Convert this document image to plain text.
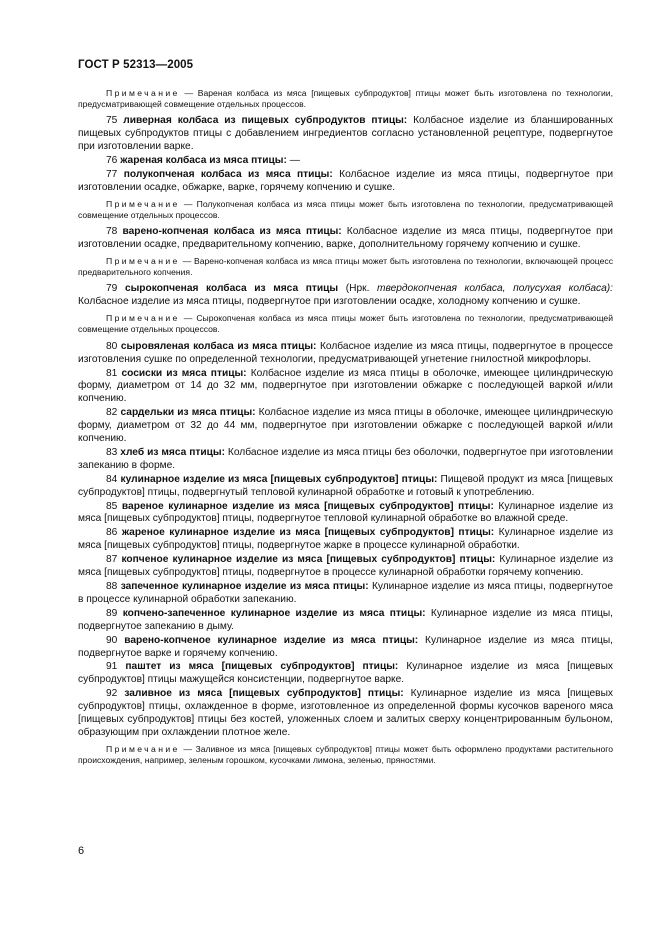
ГОСТ Р 52313—2005

Примечание — Вареная колбаса из мяса [пищевых субпродуктов] птицы может быть изготовлена по технологии, предусматривающей совмещение отдельных процессов.

75 ливерная колбаса из пищевых субпродуктов птицы: Колбасное изделие из бланшированных пищевых субпродуктов птицы с добавлением ингредиентов согласно установленной рецептуре, подвергнутое при изготовлении варке.

76 жареная колбаса из мяса птицы: —

77 полукопченая колбаса из мяса птицы: Колбасное изделие из мяса птицы, подвергнутое при изготовлении осадке, обжарке, варке, горячему копчению и сушке.

Примечание — Полукопченая колбаса из мяса птицы может быть изготовлена по технологии, предусматривающей совмещение отдельных процессов.

78 варено-копченая колбаса из мяса птицы: Колбасное изделие из мяса птицы, подвергнутое при изготовлении осадке, предварительному копчению, варке, дополнительному горячему копчению и сушке.

Примечание — Варено-копченая колбаса из мяса птицы может быть изготовлена по технологии, включающей процесс предварительного копчения.

79 сырокопченая колбаса из мяса птицы (Нрк. твердокопченая колбаса, полусухая колбаса): Колбасное изделие из мяса птицы, подвергнутое при изготовлении осадке, холодному копчению и сушке.

Примечание — Сырокопченая колбаса из мяса птицы может быть изготовлена по технологии, предусматривающей совмещение отдельных процессов.

80 сыровяленая колбаса из мяса птицы: Колбасное изделие из мяса птицы, подвергнутое в процессе изготовления сушке по определенной технологии, предусматривающей угнетение гнилостной микрофлоры.

81 сосиски из мяса птицы: Колбасное изделие из мяса птицы в оболочке, имеющее цилиндрическую форму, диаметром от 14 до 32 мм, подвергнутое при изготовлении обжарке с последующей варкой и/или копчению.

82 сардельки из мяса птицы: Колбасное изделие из мяса птицы в оболочке, имеющее цилиндрическую форму, диаметром от 32 до 44 мм, подвергнутое при изготовлении обжарке с последующей варкой и/или копчению.

83 хлеб из мяса птицы: Колбасное изделие из мяса птицы без оболочки, подвергнутое при изготовлении запеканию в форме.

84 кулинарное изделие из мяса [пищевых субпродуктов] птицы: Пищевой продукт из мяса [пищевых субпродуктов] птицы, подвергнутый тепловой кулинарной обработке и готовый к употреблению.

85 вареное кулинарное изделие из мяса [пищевых субпродуктов] птицы: Кулинарное изделие из мяса [пищевых субпродуктов] птицы, подвергнутое тепловой кулинарной обработке во влажной среде.

86 жареное кулинарное изделие из мяса [пищевых субпродуктов] птицы: Кулинарное изделие из мяса [пищевых субпродуктов] птицы, подвергнутое жарке в процессе кулинарной обработки.

87 копченое кулинарное изделие из мяса [пищевых субпродуктов] птицы: Кулинарное изделие из мяса [пищевых субпродуктов] птицы, подвергнутое в процессе кулинарной обработки горячему копчению.

88 запеченное кулинарное изделие из мяса птицы: Кулинарное изделие из мяса птицы, подвергнутое в процессе кулинарной обработки запеканию.

89 копчено-запеченное кулинарное изделие из мяса птицы: Кулинарное изделие из мяса птицы, подвергнутое запеканию в дыму.

90 варено-копченое кулинарное изделие из мяса птицы: Кулинарное изделие из мяса птицы, подвергнутое варке и горячему копчению.

91 паштет из мяса [пищевых субпродуктов] птицы: Кулинарное изделие из мяса [пищевых субпродуктов] птицы мажущейся консистенции, подвергнутое варке.

92 заливное из мяса [пищевых субпродуктов] птицы: Кулинарное изделие из мяса [пищевых субпродуктов] птицы, охлажденное в форме, изготовленное из определенной формы кусочков вареного мяса [пищевых субпродуктов] птицы без костей, уложенных слоем и залитых сверху концентрированным бульоном, образующим при охлаждении плотное желе.

Примечание — Заливное из мяса [пищевых субпродуктов] птицы может быть оформлено продуктами растительного происхождения, например, зеленым горошком, кусочками лимона, зеленью, пряностями.

6
